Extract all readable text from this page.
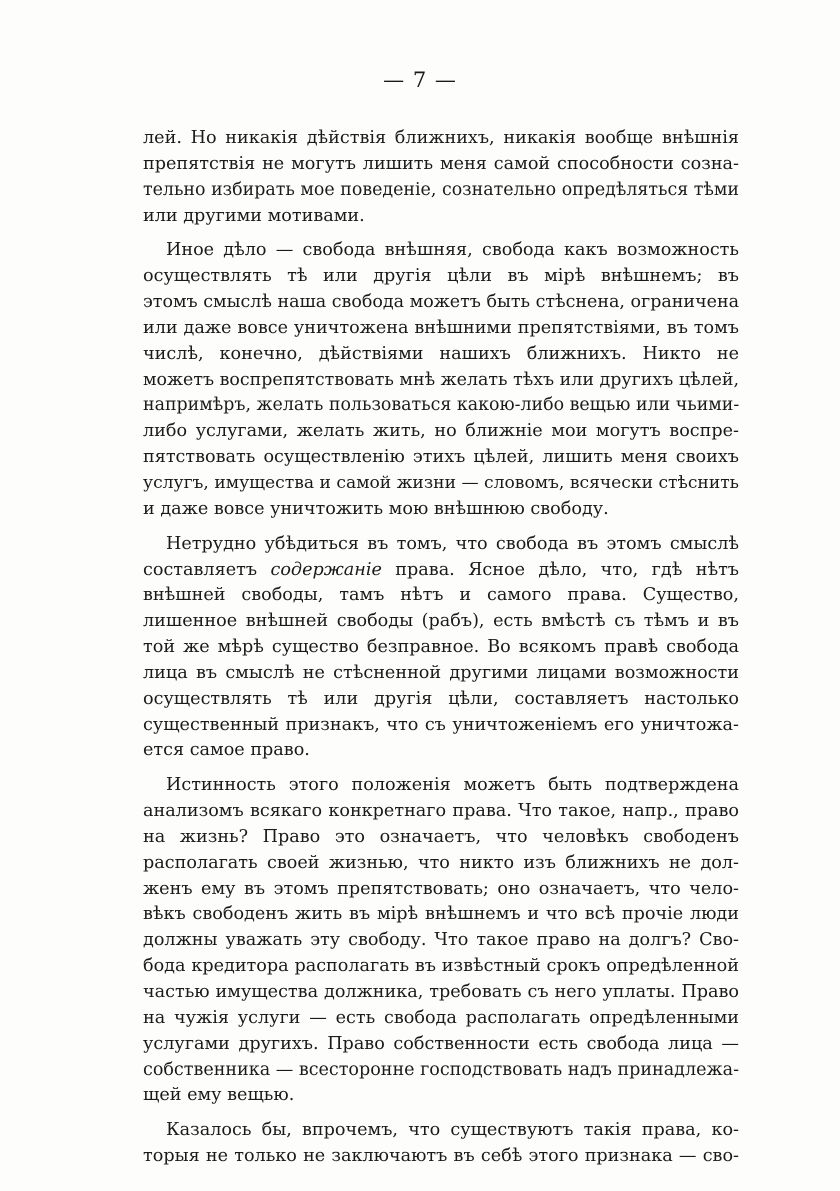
— 7 —
лей. Но никакія дѣйствія ближнихъ, никакія вообще внѣшнія
препятствія не могутъ лишить меня самой способности созна-
тельно избирать мое поведеніе, сознательно опредѣляться тѣми
или другими мотивами.
Иное дѣло — свобода внѣшняя, свобода какъ возможность
осуществлять тѣ или другія цѣли въ мірѣ внѣшнемъ; въ
этомъ смыслѣ наша свобода можетъ быть стѣснена, ограничена
или даже вовсе уничтожена внѣшними препятствіями, въ томъ
числѣ, конечно, дѣйствіями нашихъ ближнихъ. Никто не
можетъ воспрепятствовать мнѣ желать тѣхъ или другихъ цѣлей,
напримѣръ, желать пользоваться какою-либо вещью или чьими-
либо услугами, желать жить, но ближніе мои могутъ воспре-
пятствовать осуществленію этихъ цѣлей, лишить меня своихъ
услугъ, имущества и самой жизни — словомъ, всячески стѣснить
и даже вовсе уничтожить мою внѣшнюю свободу.
Нетрудно убѣдиться въ томъ, что свобода въ этомъ смыслѣ
составляетъ содержаніе права. Ясное дѣло, что, гдѣ нѣтъ
внѣшней свободы, тамъ нѣтъ и самого права. Существо,
лишенное внѣшней свободы (рабъ), есть вмѣстѣ съ тѣмъ и въ
той же мѣрѣ существо безправное. Во всякомъ правѣ свобода
лица въ смыслѣ не стѣсненной другими лицами возможности
осуществлять тѣ или другія цѣли, составляетъ настолько
существенный признакъ, что съ уничтоженіемъ его уничтожа-
ется самое право.
Истинность этого положенія можетъ быть подтверждена
анализомъ всякаго конкретнаго права. Что такое, напр., право
на жизнь? Право это означаетъ, что человѣкъ свободенъ
располагать своей жизнью, что никто изъ ближнихъ не дол-
женъ ему въ этомъ препятствовать; оно означаетъ, что чело-
вѣкъ свободенъ жить въ мірѣ внѣшнемъ и что всѣ прочіе люди
должны уважать эту свободу. Что такое право на долгъ? Сво-
бода кредитора располагать въ извѣстный срокъ опредѣленной
частью имущества должника, требовать съ него уплаты. Право
на чужія услуги — есть свобода располагать опредѣленными
услугами другихъ. Право собственности есть свобода лица —
собственника — всесторонне господствовать надъ принадлежа-
щей ему вещью.
Казалось бы, впрочемъ, что существуютъ такія права, ко-
торыя не только не заключаютъ въ себѣ этого признака — сво-
